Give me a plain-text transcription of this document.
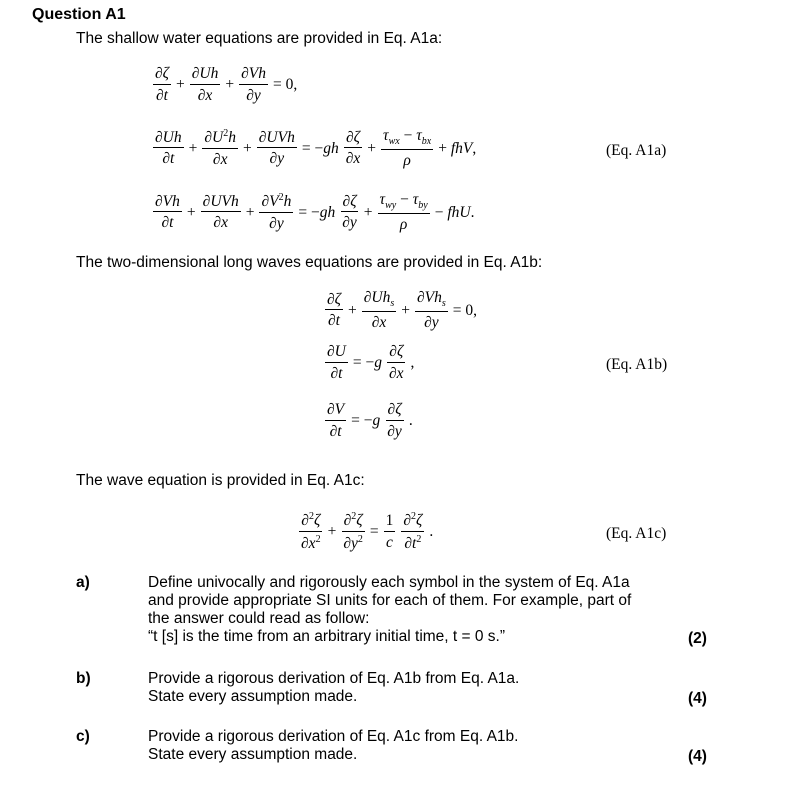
Question A1
The shallow water equations are provided in Eq. A1a:
$\frac{\partial\zeta}{\partial t} + \frac{\partial Uh}{\partial x} + \frac{\partial Vh}{\partial y} = 0$,
$\frac{\partial Uh}{\partial t} + \frac{\partial U^2h}{\partial x} + \frac{\text{∂UVh}}{\partial y} = -gh \frac{\partial\zeta}{\partial x} + \frac{\tau_{wx} - \tau_{bx}}{\rho}$ + fhV,	(Eq. A1a)
$\frac{\partial Vh}{\partial t} + \frac{\text{∂UVh}}{\partial x} + \frac{\partial V^2h}{\partial y} = -gh \frac{\partial\zeta}{\partial y} + \frac{\tau_{wy} - \tau_{by}}{\rho}$ − fhU.
The two-dimensional long waves equations are provided in Eq. A1b:
$\frac{\partial\zeta}{\partial t} + \frac{\partial Uh_s}{\partial x} + \frac{\partial Vh_s}{\partial y} = 0$,
$\frac{\partial U}{\partial t} = -g \frac{\partial\zeta}{\partial x}$ ,	(Eq. A1b)
$\frac{\partial V}{\partial t} = -g \frac{\partial\zeta}{\partial y}$ .
The wave equation is provided in Eq. A1c:
$\frac{\partial^2\zeta}{\partial x^2} + \frac{\partial^2\zeta}{\partial y^2} = \frac{1}{c} \frac{\partial^2\zeta}{\partial t^2}$ .	(Eq. A1c)
a)	Define univocally and rigorously each symbol in the system of Eq. A1a
and provide appropriate SI units for each of them. For example, part of
the answer could read as follow:
“t [s] is the time from an arbitrary initial time, t = 0 s.”	(2)
b)	Provide a rigorous derivation of Eq. A1b from Eq. A1a.
State every assumption made.	(4)
c)	Provide a rigorous derivation of Eq. A1c from Eq. A1b.
State every assumption made.	(4)
